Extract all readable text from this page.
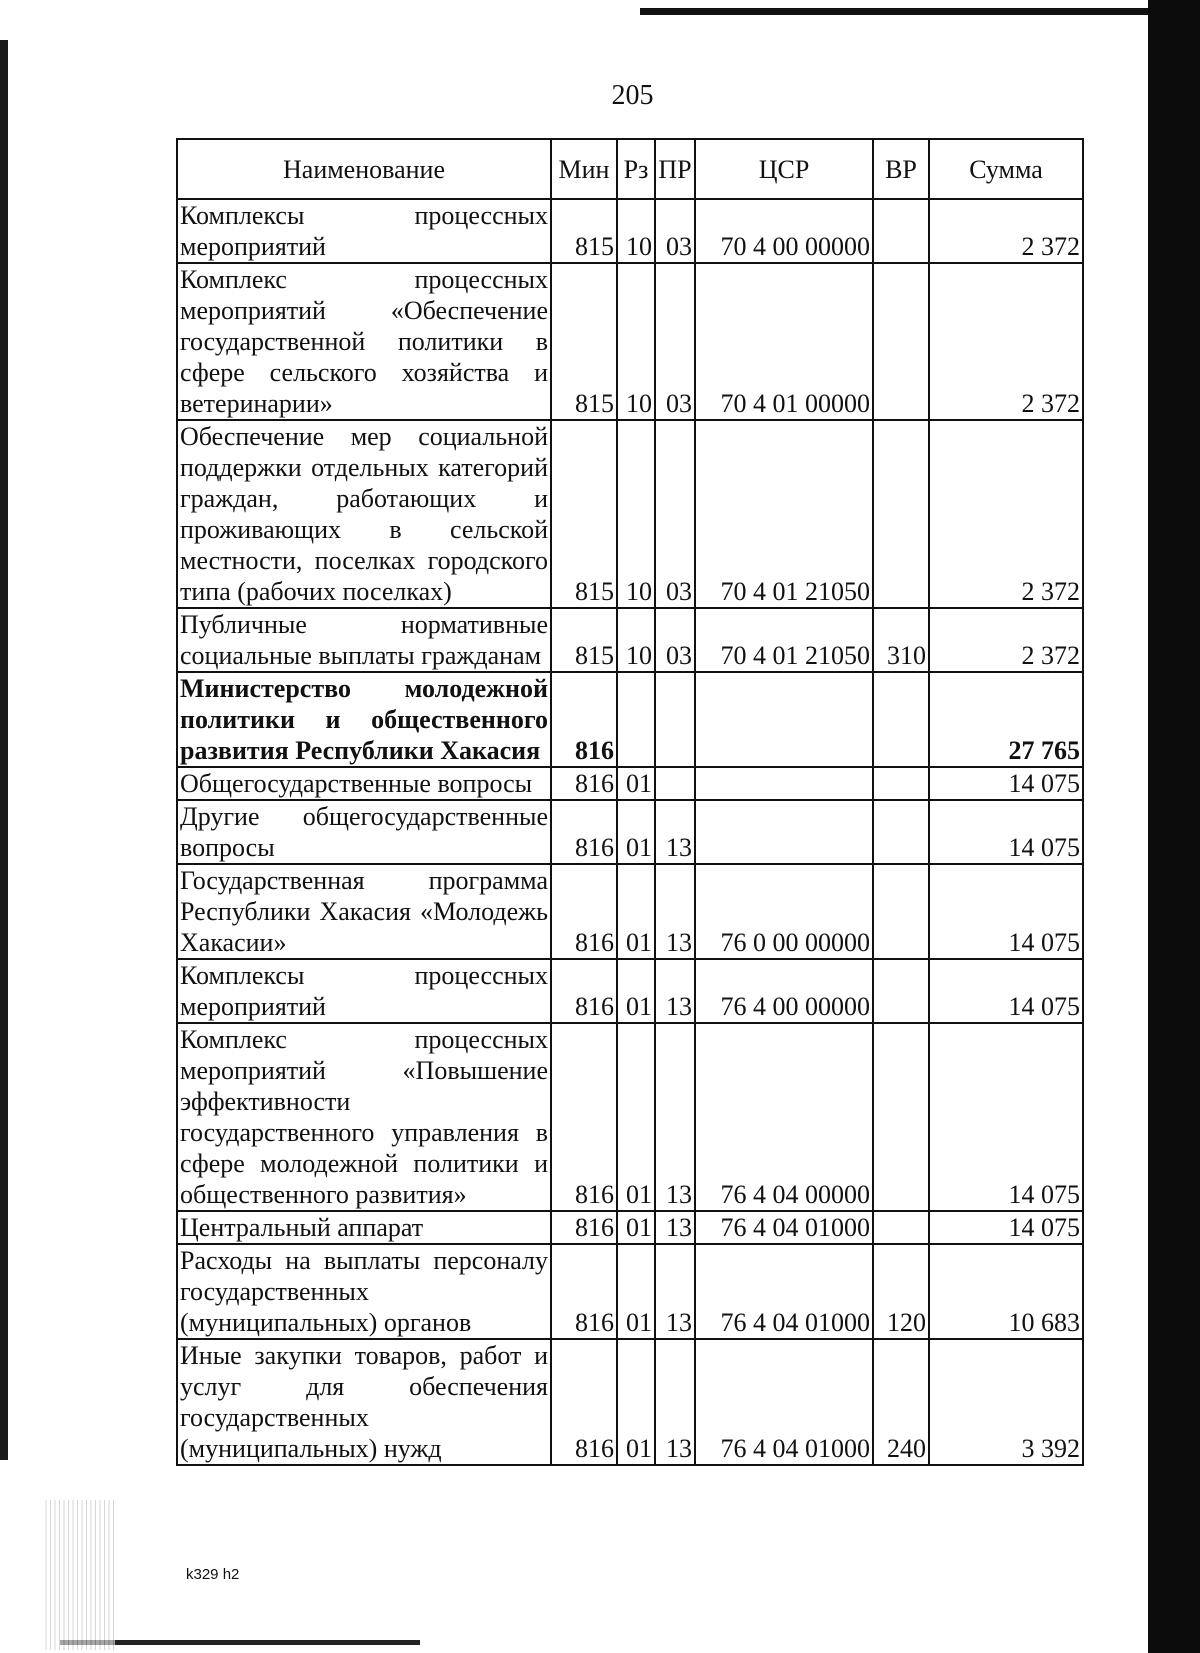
205
Наименование	Мин	Рз	ПР	ЦСР	ВР	Сумма
Комплексы процессных мероприятий	815	10	03	70 4 00 00000		2 372
Комплекс процессных мероприятий «Обеспечение государственной политики в сфере сельского хозяйства и ветеринарии»	815	10	03	70 4 01 00000		2 372
Обеспечение мер социальной поддержки отдельных категорий граждан, работающих и проживающих в сельской местности, поселках городского типа (рабочих поселках)	815	10	03	70 4 01 21050		2 372
Публичные нормативные социальные выплаты гражданам	815	10	03	70 4 01 21050	310	2 372
Министерство молодежной политики и общественного развития Республики Хакасия	816					27 765
Общегосударственные вопросы	816	01				14 075
Другие общегосударственные вопросы	816	01	13			14 075
Государственная программа Республики Хакасия «Молодежь Хакасии»	816	01	13	76 0 00 00000		14 075
Комплексы процессных мероприятий	816	01	13	76 4 00 00000		14 075
Комплекс процессных мероприятий «Повышение эффективности государственного управления в сфере молодежной политики и общественного развития»	816	01	13	76 4 04 00000		14 075
Центральный аппарат	816	01	13	76 4 04 01000		14 075
Расходы на выплаты персоналу государственных (муниципальных) органов	816	01	13	76 4 04 01000	120	10 683
Иные закупки товаров, работ и услуг для обеспечения государственных (муниципальных) нужд	816	01	13	76 4 04 01000	240	3 392
k329 h2
